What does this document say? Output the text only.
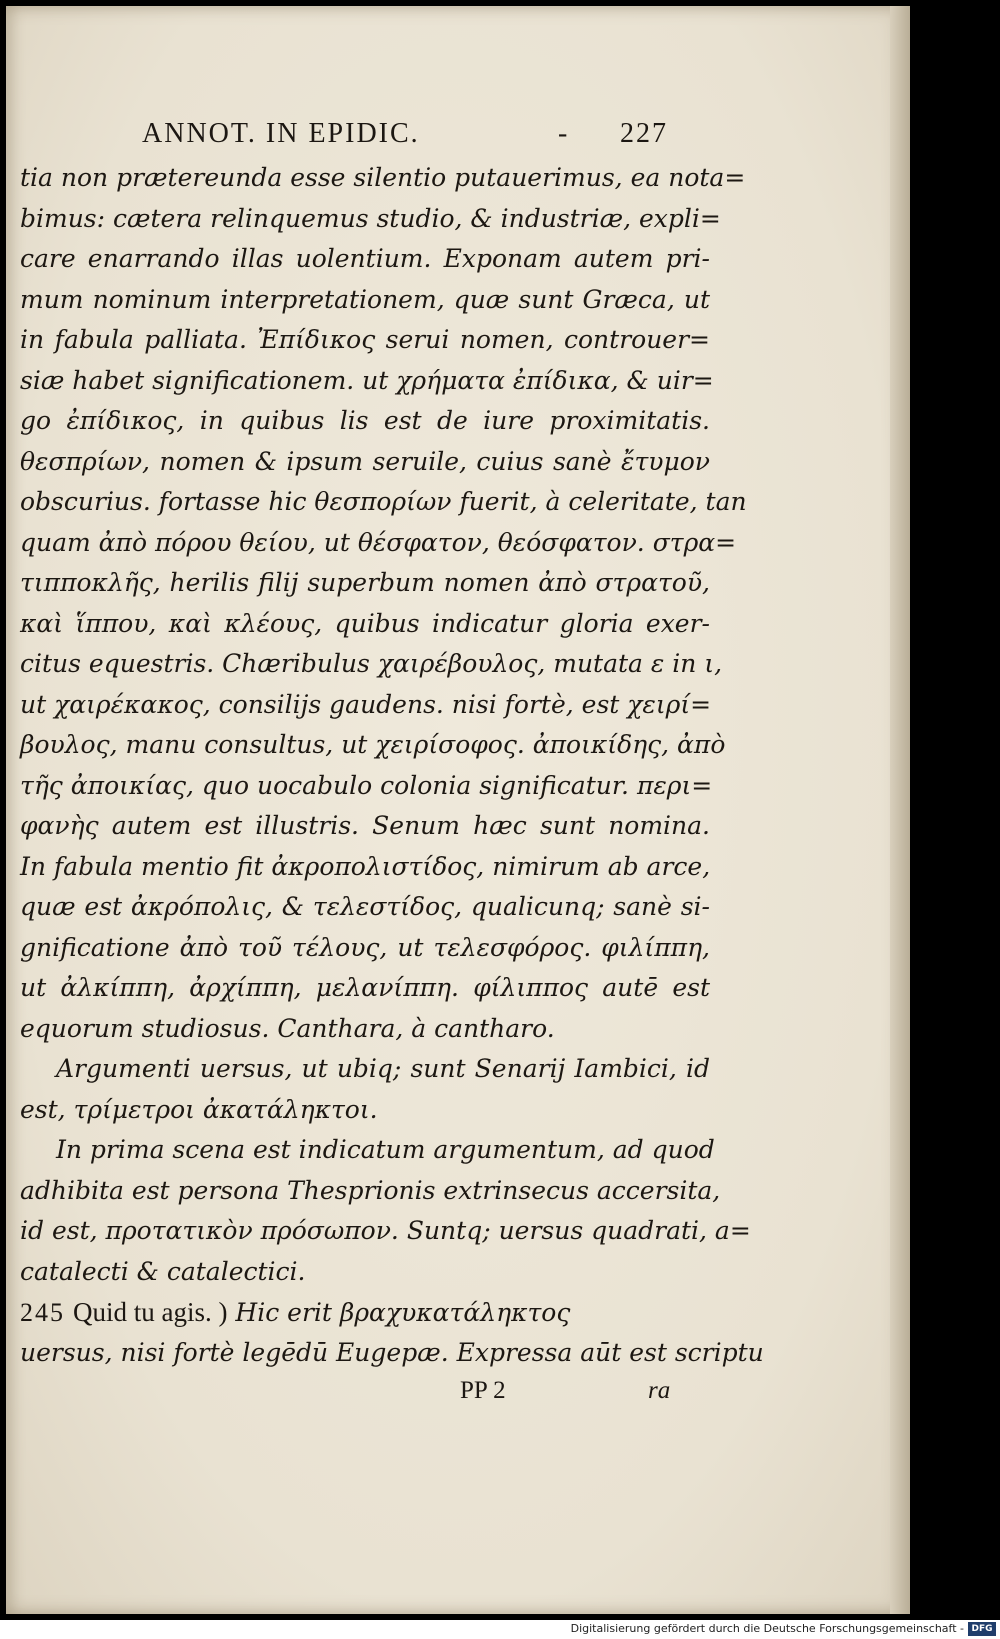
ANNOT. IN EPIDIC.	- 227
tia non prætereunda esse silentio putauerimus, ea nota=
bimus: cætera relinquemus studio, & industriæ, expli=
care enarrando illas uolentium. Exponam autem pri-
mum nominum interpretationem, quæ sunt Græca, ut
in fabula palliata. Ἐπίδικος serui nomen, controuer=
siæ habet significationem. ut χρήματα ἐπίδικα, & uir=
go ἐπίδικος, in quibus lis est de iure proximitatis.
θεσπρίων, nomen & ipsum seruile, cuius sanè ἔτυμον
obscurius. fortasse hic θεσπορίων fuerit, à celeritate, tan
quam ἀπὸ πόρου θείου, ut θέσφατον, θεόσφατον. στρα=
τιπποκλῆς, herilis filij superbum nomen ἀπὸ στρατοῦ,
καὶ ἵππου, καὶ κλέους, quibus indicatur gloria exer-
citus equestris. Chæribulus χαιρέβουλος, mutata ε in ι,
ut χαιρέκακος, consilijs gaudens. nisi fortè, est χειρί=
βουλος, manu consultus, ut χειρίσοφος. ἀποικίδης, ἀπὸ
τῆς ἀποικίας, quo uocabulo colonia significatur. περι=
φανὴς autem est illustris. Senum hæc sunt nomina.
In fabula mentio fit ἀκροπολιστίδος, nimirum ab arce,
quæ est ἀκρόπολις, & τελεστίδος, qualicunq; sanè si-
gnificatione ἀπὸ τοῦ τέλους, ut τελεσφόρος. φιλίππη,
ut ἀλκίππη, ἀρχίππη, μελανίππη. φίλιππος autē est
equorum studiosus. Canthara, à cantharo.
Argumenti uersus, ut ubiq; sunt Senarij Iambici, id
est, τρίμετροι ἀκατάληκτοι.
In prima scena est indicatum argumentum, ad quod
adhibita est persona Thesprionis extrinsecus accersita,
id est, προτατικὸν πρόσωπον. Suntq; uersus quadrati, a=
catalecti & catalectici.
245 Quid tu agis. ) Hic erit βραχυκατάληκτος
uersus, nisi fortè legēdū Eugepæ. Expressa aūt est scriptu
PP 2	ra
Digitalisierung gefördert durch die Deutsche Forschungsgemeinschaft - DFG
